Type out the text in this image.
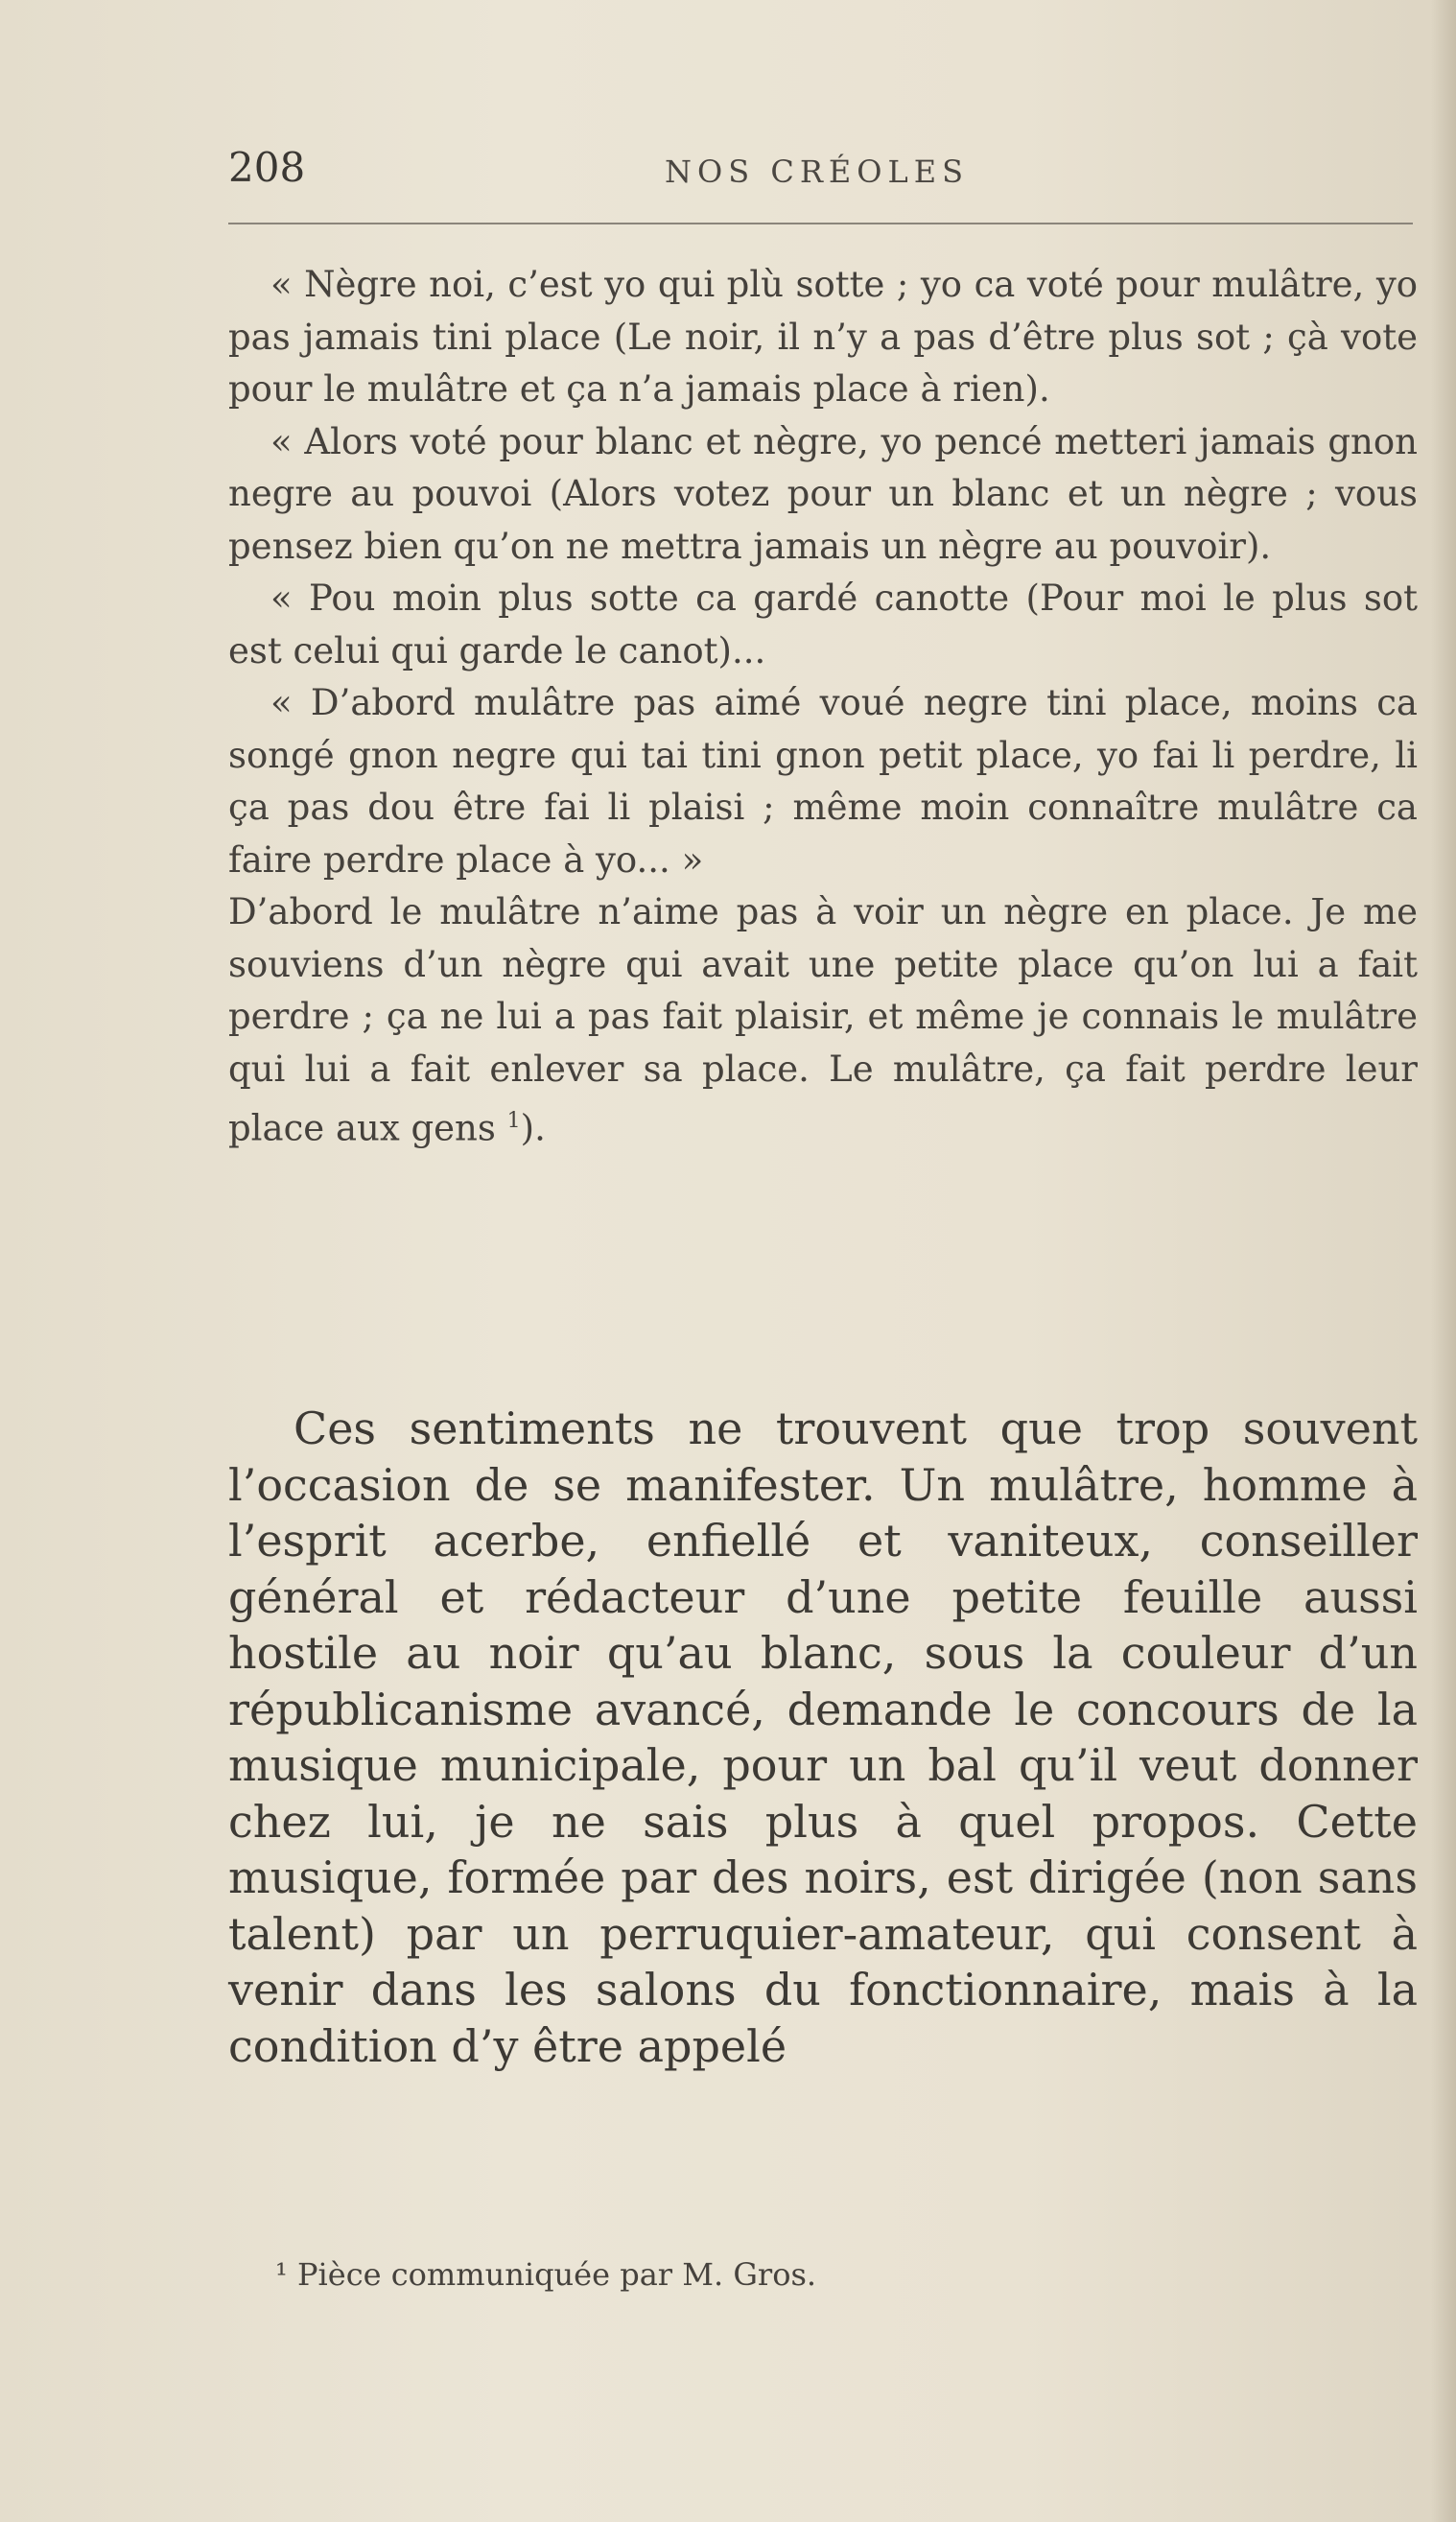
208	NOS CRÉOLES

« Nègre noi, c’est yo qui plù sotte ; yo ca voté pour mulâtre, yo pas jamais tini place (Le noir, il n’y a pas d’être plus sot ; çà vote pour le mulâtre et ça n’a jamais place à rien).

« Alors voté pour blanc et nègre, yo pencé metteri jamais gnon negre au pouvoi (Alors votez pour un blanc et un nègre ; vous pensez bien qu’on ne mettra jamais un nègre au pouvoir).

« Pou moin plus sotte ca gardé canotte (Pour moi le plus sot est celui qui garde le canot)...

« D’abord mulâtre pas aimé voué negre tini place, moins ca songé gnon negre qui tai tini gnon petit place, yo fai li perdre, li ça pas dou être fai li plaisi ; même moin connaître mulâtre ca faire perdre place à yo... »

D’abord le mulâtre n’aime pas à voir un nègre en place. Je me souviens d’un nègre qui avait une petite place qu’on lui a fait perdre ; ça ne lui a pas fait plaisir, et même je connais le mulâtre qui lui a fait enlever sa place. Le mulâtre, ça fait perdre leur place aux gens $^1$).

Ces sentiments ne trouvent que trop souvent l’occasion de se manifester. Un mulâtre, homme à l’esprit acerbe, enfiellé et vaniteux, conseiller général et rédacteur d’une petite feuille aussi hostile au noir qu’au blanc, sous la couleur d’un républicanisme avancé, demande le concours de la musique municipale, pour un bal qu’il veut donner chez lui, je ne sais plus à quel propos. Cette musique, formée par des noirs, est dirigée (non sans talent) par un perruquier-amateur, qui consent à venir dans les salons du fonctionnaire, mais à la condition d’y être appelé

¹ Pièce communiquée par M. Gros.
